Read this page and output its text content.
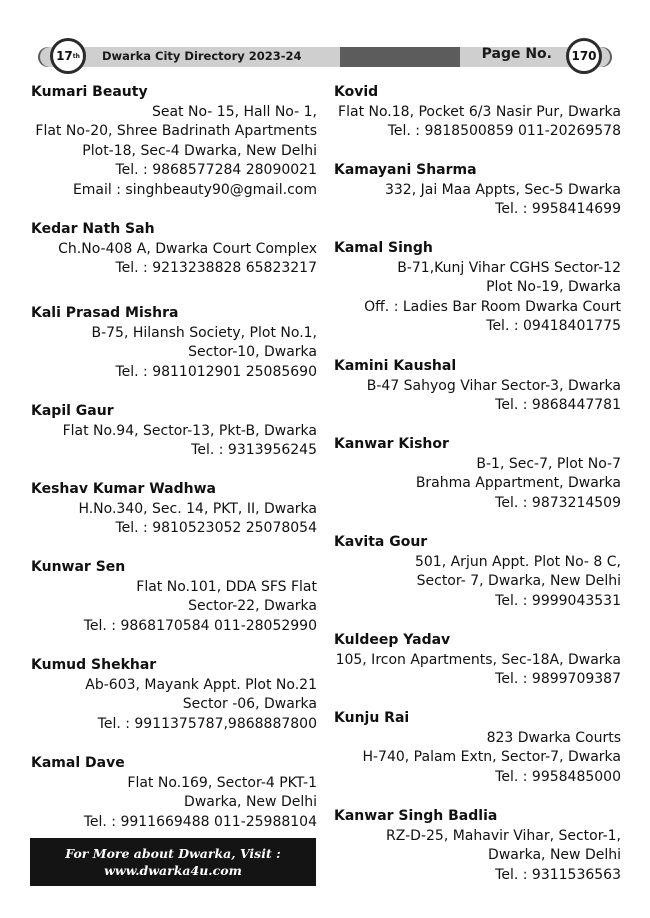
17 th Dwarka City Directory 2023-24	Page No. 170
Kumari Beauty
Seat No- 15, Hall No- 1,
Flat No-20, Shree Badrinath Apartments
Plot-18, Sec-4 Dwarka, New Delhi
Tel. : 9868577284 28090021
Email : singhbeauty90@gmail.com
Kedar Nath Sah
Ch.No-408 A, Dwarka Court Complex
Tel. : 9213238828 65823217
Kali Prasad Mishra
B-75, Hilansh Society, Plot No.1,
Sector-10, Dwarka
Tel. : 9811012901 25085690
Kapil Gaur
Flat No.94, Sector-13, Pkt-B, Dwarka
Tel. : 9313956245
Keshav Kumar Wadhwa
H.No.340, Sec. 14, PKT, II, Dwarka
Tel. : 9810523052 25078054
Kunwar Sen
Flat No.101, DDA SFS Flat
Sector-22, Dwarka
Tel. : 9868170584 011-28052990
Kumud Shekhar
Ab-603, Mayank Appt. Plot No.21
Sector -06, Dwarka
Tel. : 9911375787,9868887800
Kamal Dave
Flat No.169, Sector-4 PKT-1
Dwarka, New Delhi
Tel. : 9911669488 011-25988104
Kovid
Flat No.18, Pocket 6/3 Nasir Pur, Dwarka
Tel. : 9818500859 011-20269578
Kamayani Sharma
332, Jai Maa Appts, Sec-5 Dwarka
Tel. : 9958414699
Kamal Singh
B-71,Kunj Vihar CGHS Sector-12
Plot No-19, Dwarka
Off. : Ladies Bar Room Dwarka Court
Tel. : 09418401775
Kamini Kaushal
B-47 Sahyog Vihar Sector-3, Dwarka
Tel. : 9868447781
Kanwar Kishor
B-1, Sec-7, Plot No-7
Brahma Appartment, Dwarka
Tel. : 9873214509
Kavita Gour
501, Arjun Appt. Plot No- 8 C,
Sector- 7, Dwarka, New Delhi
Tel. : 9999043531
Kuldeep Yadav
105, Ircon Apartments, Sec-18A, Dwarka
Tel. : 9899709387
Kunju Rai
823 Dwarka Courts
H-740, Palam Extn, Sector-7, Dwarka
Tel. : 9958485000
Kanwar Singh Badlia
RZ-D-25, Mahavir Vihar, Sector-1,
Dwarka, New Delhi
Tel. : 9311536563
For More about Dwarka, Visit :
www.dwarka4u.com
